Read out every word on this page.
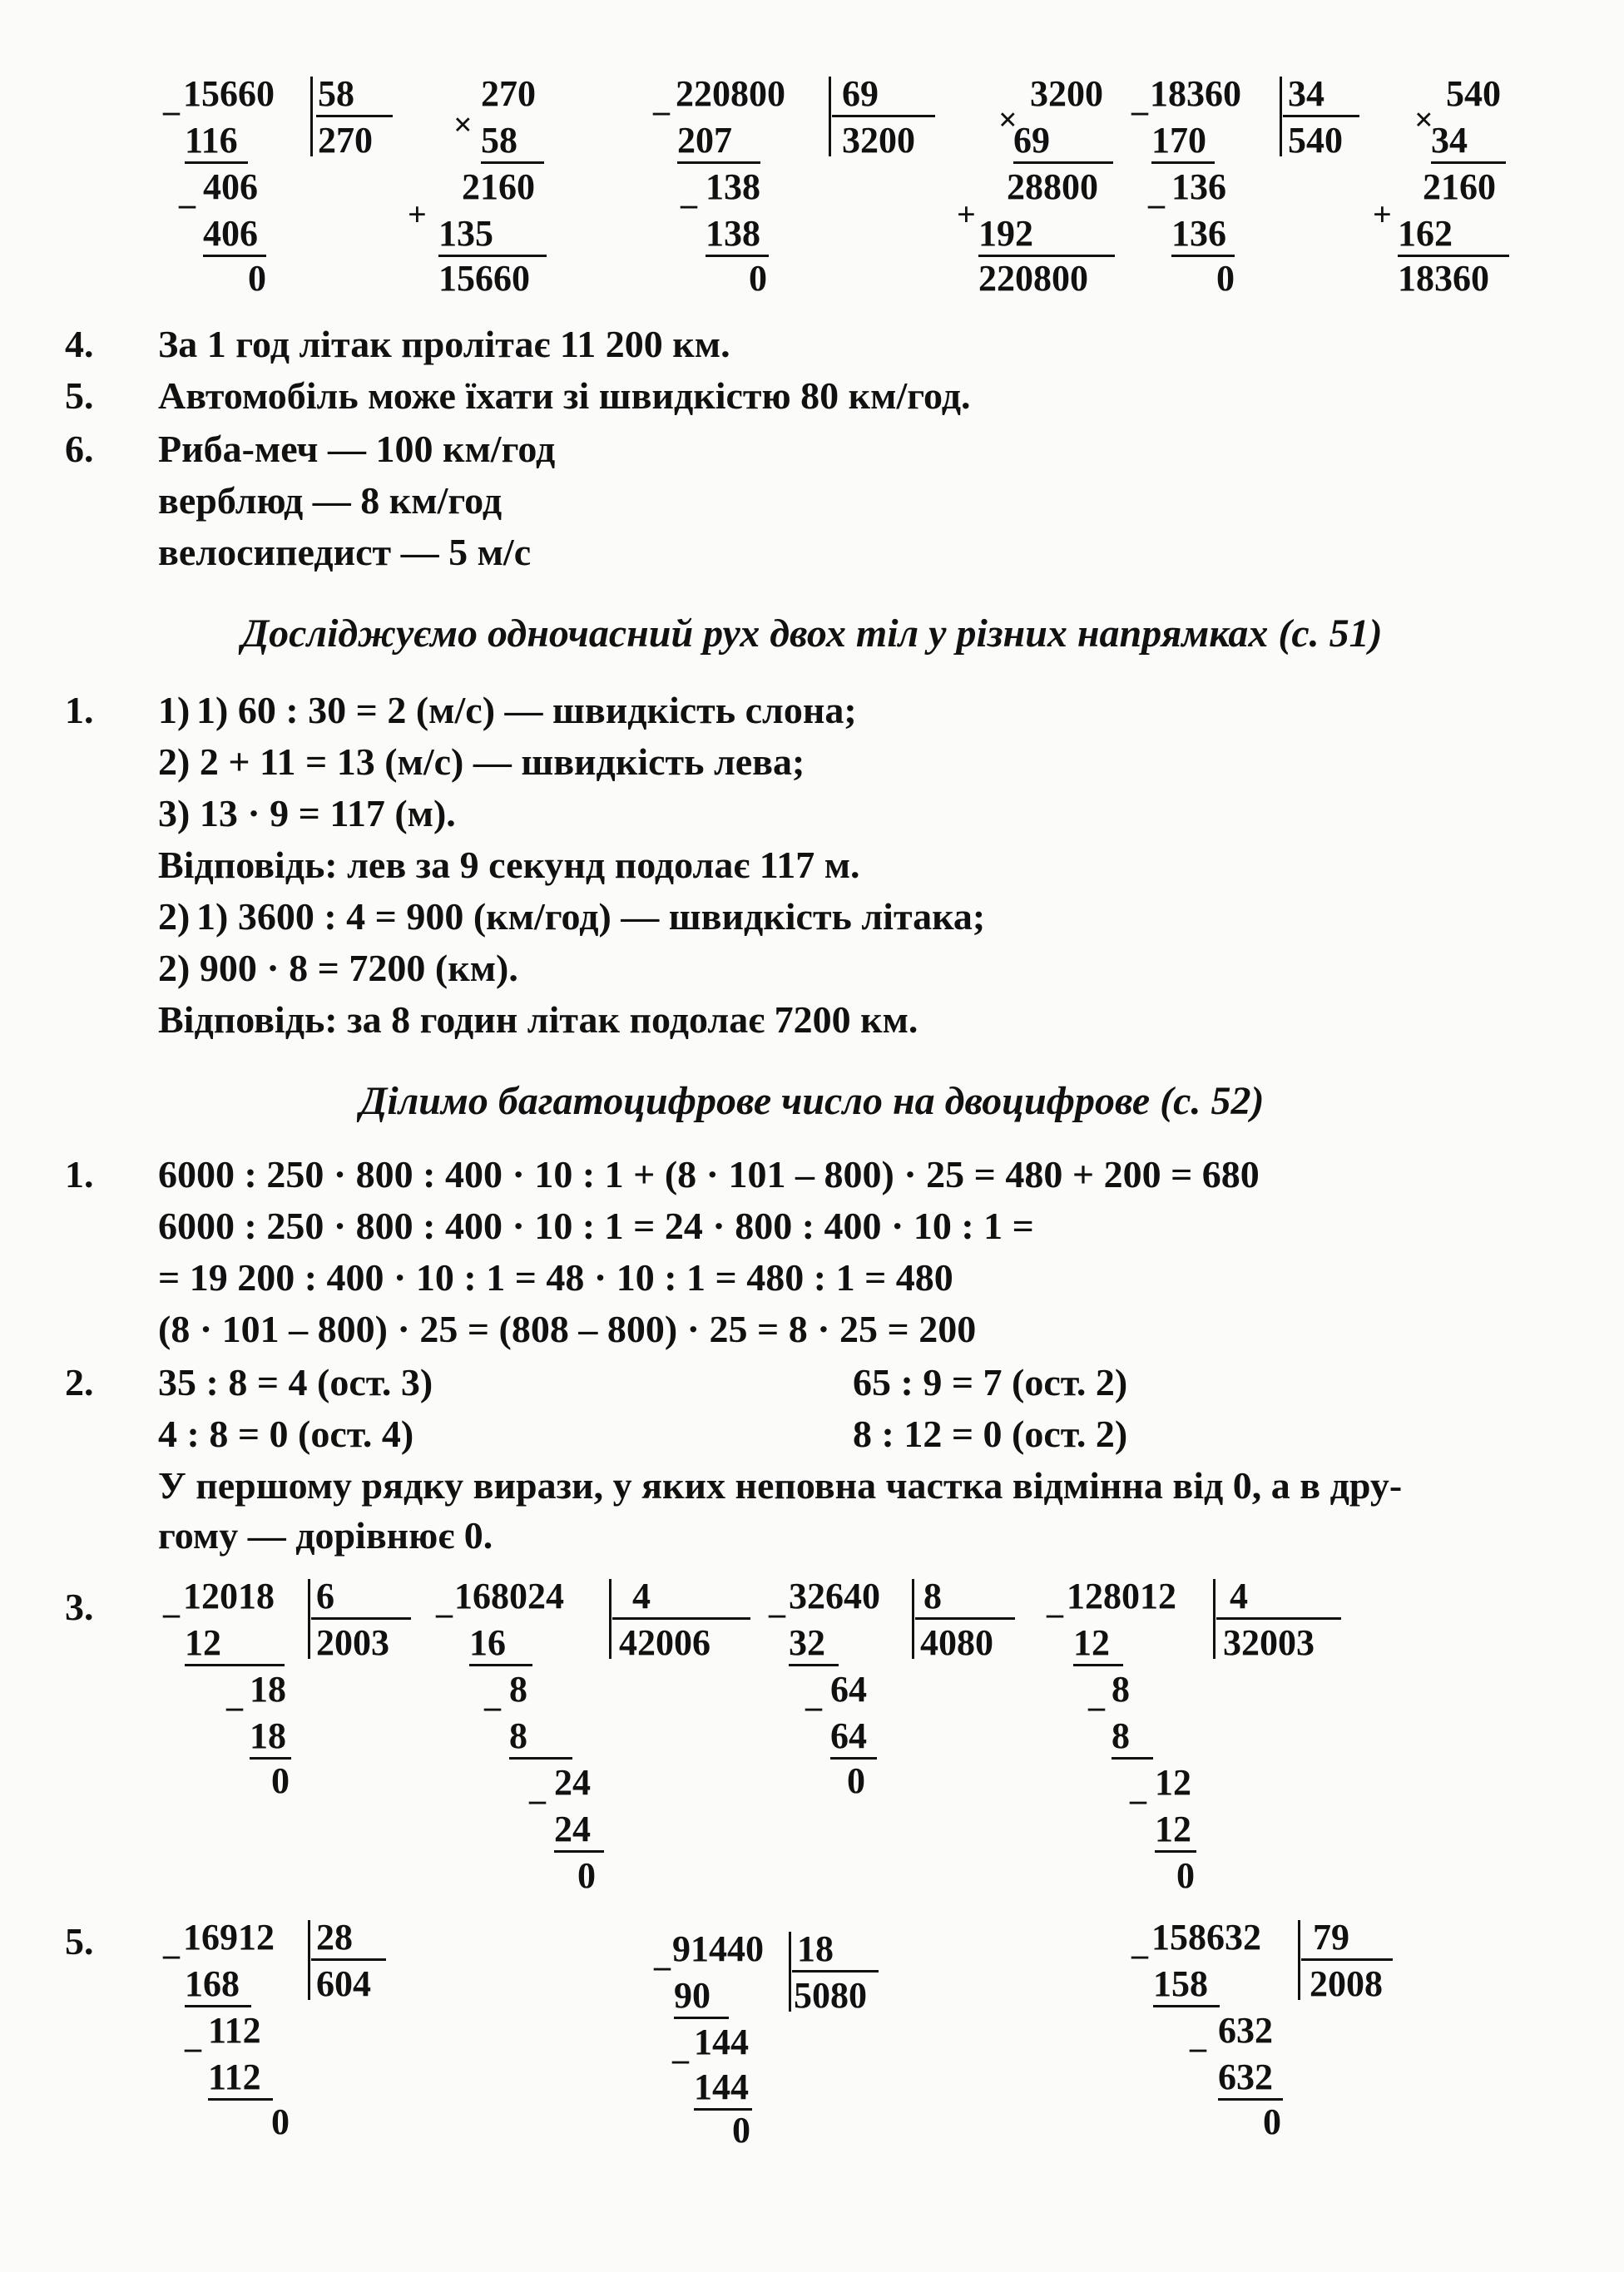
_ 15660 58
270
116
_ 406
406
0
270
× 58
2160
+ 135
15660
_ 220800 69
3200
207
_ 138
138
0
3200
×
69
28800
+ 192
220800
_ 18360 34
540
170
_ 136
136
0
540
×
34
2160
+ 162
18360
4. За 1 год літак пролітає 11 200 км.
5. Автомобіль може їхати зі швидкістю 80 км/год.
6. Риба-меч — 100 км/год
верблюд — 8 км/год
велосипедист — 5 м/с
Досліджуємо одночасний рух двох тіл у різних напрямках (с. 51)
1. 1) 1) 60 : 30 = 2 (м/с) — швидкість слона;
2) 2 + 11 = 13 (м/с) — швидкість лева;
3) 13 · 9 = 117 (м).
Відповідь: лев за 9 секунд подолає 117 м.
2) 1) 3600 : 4 = 900 (км/год) — швидкість літака;
2) 900 · 8 = 7200 (км).
Відповідь: за 8 годин літак подолає 7200 км.
Ділимо багатоцифрове число на двоцифрове (с. 52)
1. 6000 : 250 · 800 : 400 · 10 : 1 + (8 · 101 – 800) · 25 = 480 + 200 = 680
6000 : 250 · 800 : 400 · 10 : 1 = 24 · 800 : 400 · 10 : 1 =
= 19 200 : 400 · 10 : 1 = 48 · 10 : 1 = 480 : 1 = 480
(8 · 101 – 800) · 25 = (808 – 800) · 25 = 8 · 25 = 200
2. 35 : 8 = 4 (ост. 3)	65 : 9 = 7 (ост. 2)
4 : 8 = 0 (ост. 4)	8 : 12 = 0 (ост. 2)
У першому рядку вирази, у яких неповна частка відмінна від 0, а в дру-
гому — дорівнює 0.
3. _ 12018 6
2003
12
_ 18
18
0
_ 168024 4
42006
16
_ 8
8
_ 24
24
0
_ 32640 8
4080
32
_ 64
64
0
_ 128012 4
32003
12
_ 8
8
_ 12
12
0
5. _ 16912 28
604
168
_ 112
112
0
_ 91440 18
5080
90
_ 144
144
0
_ 158632 79
2008
158
_ 632
632
0
